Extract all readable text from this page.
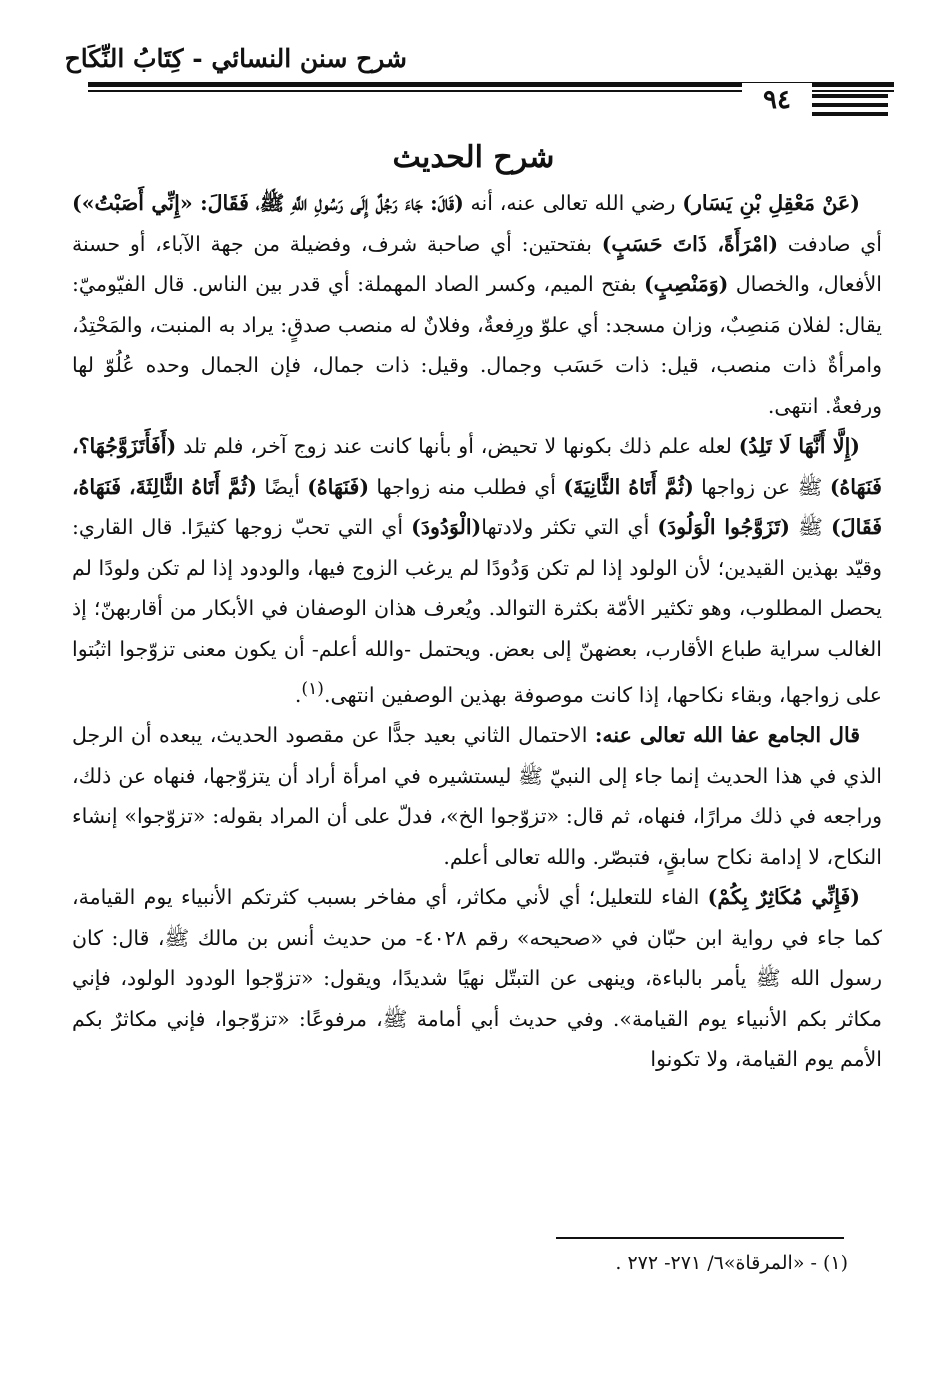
شرح سنن النسائي - كِتَابُ النِّكَاح
٩٤
شرح الحديث

(عَنْ مَعْقِلِ بْنِ يَسَار) رضي الله تعالى عنه، أنه (قَالَ: جَاءَ رَجُلٌ إِلَى رَسُولِ اللَّهِ ﷺ، فَقَالَ: «إِنِّي أَصَبْتُ») أي صادفت (امْرَأَةً، ذَاتَ حَسَبٍ) بفتحتين: أي صاحبة شرف، وفضيلة من جهة الآباء، أو حسنة الأفعال، والخصال (وَمَنْصِبٍ) بفتح الميم، وكسر الصاد المهملة: أي قدر بين الناس. قال الفيّوميّ: يقال: لفلان مَنصِبٌ، وزان مسجد: أي علوّ ورِفعةٌ، وفلانٌ له منصب صدقٍ: يراد به المنبت، والمَحْتِدُ، وامرأةٌ ذات منصب، قيل: ذات حَسَب وجمال. وقيل: ذات جمال، فإن الجمال وحده عُلُوّ لها ورفعةٌ. انتهى.

(إِلَّا أَنَّهَا لَا تَلِدُ) لعله علم ذلك بكونها لا تحيض، أو بأنها كانت عند زوج آخر، فلم تلد (أَفَأَتَزَوَّجُهَا؟، فَنَهَاهُ) ﷺ عن زواجها (ثُمَّ أَتَاهُ الثَّانِيَةَ) أي فطلب منه زواجها (فَنَهَاهُ) أيضًا (ثُمَّ أَتَاهُ الثَّالِثَةَ، فَنَهَاهُ، فَقَالَ) ﷺ (تَزَوَّجُوا الْوَلُودَ) أي التي تكثر ولادتها(الْوَدُودَ) أي التي تحبّ زوجها كثيرًا. قال القاري: وقيّد بهذين القيدين؛ لأن الولود إذا لم تكن وَدُودًا لم يرغب الزوج فيها، والودود إذا لم تكن ولودًا لم يحصل المطلوب، وهو تكثير الأمّة بكثرة التوالد. ويُعرف هذان الوصفان في الأبكار من أقاربهنّ؛ إذ الغالب سراية طباع الأقارب، بعضهنّ إلى بعض. ويحتمل -والله أعلم- أن يكون معنى تزوّجوا اثبُتوا على زواجها، وبقاء نكاحها، إذا كانت موصوفة بهذين الوصفين انتهى.$^{(١)}$.

قال الجامع عفا الله تعالى عنه: الاحتمال الثاني بعيد جدًّا عن مقصود الحديث، يبعده أن الرجل الذي في هذا الحديث إنما جاء إلى النبيّ ﷺ ليستشيره في امرأة أراد أن يتزوّجها، فنهاه عن ذلك، وراجعه في ذلك مرارًا، فنهاه، ثم قال: «تزوّجوا الخ»، فدلّ على أن المراد بقوله: «تزوّجوا» إنشاء النكاح، لا إدامة نكاح سابقٍ، فتبصّر. والله تعالى أعلم.

(فَإِنِّي مُكَاثِرٌ بِكُمْ) الفاء للتعليل؛ أي لأني مكاثر، أي مفاخر بسبب كثرتكم الأنبياء يوم القيامة، كما جاء في رواية ابن حبّان في «صحيحه» رقم ٤٠٢٨- من حديث أنس بن مالك ﷺ، قال: كان رسول الله ﷺ يأمر بالباءة، وينهى عن التبتّل نهيًا شديدًا، ويقول: «تزوّجوا الودود الولود، فإني مكاثر بكم الأنبياء يوم القيامة». وفي حديث أبي أمامة ﷺ، مرفوعًا: «تزوّجوا، فإني مكاثرٌ بكم الأمم يوم القيامة، ولا تكونوا

(١) - «المرقاة»٦/ ٢٧١- ٢٧٢ .
